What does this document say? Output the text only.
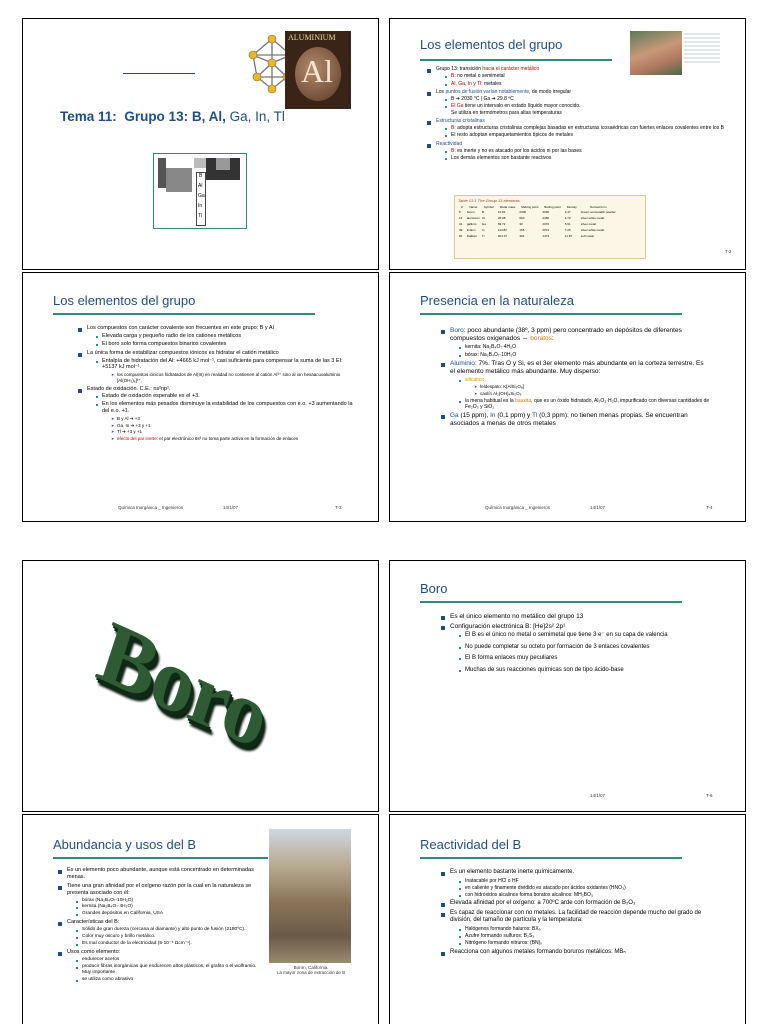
ALUMINIUM
Al
Tema 11: Grupo 13: B, Al, Ga, In, Tl
B
Al
Ga
In
Tl
Los elementos del grupo
Grupo 13: transición hacia el carácter metálico
B: no metal o semimetal
Al, Ga, In y Tl: metales
Los puntos de fusión varían notablemente, de modo irregular
B ➔ 2030 °C | Ga ➔ 29.8 ºC
El Ga tiene un intervalo en estado líquido mayor conocido.
Se utiliza en termómetros para altas temperaturas
Estructuras cristalinas
B: adopta estructuras cristalinas complejas basadas en estructuras icosaédricas con fuertes enlaces covalentes entre los B
El resto adoptan empaquetamientos típicos de metales
Reactividad
B: es inerte y no es atacado por los ácidos ni por las bases
Los demás elementos son bastante reactivos
Table 13.1 The Group 13 elements
Z	Name	Symbol	Molar mass	Melting point	Boiling point	Density	Normal form
5	boron	B	10.81	2300	3930	2.47	brown nonmetallic powder
13	aluminum	Al	26.98	660	2350	2.70	silver-white metal
31	gallium	Ga	69.72	30	2070	5.91	silver metal
49	indium	In	114.82	156	2074	7.29	silver-white metal
81	thallium	Tl	204.37	304	1473	11.87	soft metal
T-2
Los elementos del grupo
Los compuestos con carácter covalente son frecuentes en este grupo: B y Al
Elevada carga y pequeño radio de los cationes metálicos
El boro solo forma compuestos binarios covalentes
La única forma de estabilizar compuestos iónicos es hidratar el catión metálico
Entalpía de hidratación del Al: +4665 kJ mol⁻¹, casi suficiente para compensar la suma de las 3 EI: +5137 kJ mol⁻¹.
➤ los compuestos iónicos hidratados de Al(III) en realidad no contienen al catión Al³⁺ sino al ion hexaacuoaluminio [Al(OH₂)₆]³⁺.
Estado de oxidación. C.E.: ns²np¹.
Estado de oxidación esperable es el +3.
En los elementos más pesados disminuye la estabilidad de los compuestos con e.o. +3 aumentando la del e.o. +1.
➤ B y Al ➔ +3
➤ Ga, In ➔ +3 y +1
➤ Tl ➔ +3 y +1
➤ efecto del par inerte: el par electrónico 6s² no toma parte activa en la formación de enlaces
Química Inorgánica _ Ingenieros	14/1/07	T-3
Presencia en la naturaleza
Boro: poco abundante (38º, 3 ppm) pero concentrado en depósitos de diferentes compuestos oxigenados ⇔ boratos:
kernita: Na₂B₄O₇·4H₂O
bórax: Na₂B₄O₇·10H₂O
Aluminio: 7%. Tras O y Si, es el 3er elemento más abundante en la corteza terrestre. Es el elemento metálico más abundante. Muy disperso:
silicatos:
➤ feldespato: K[AlSi₃O₈]
➤ caolín Al₂(OH)₄Si₂O₅
la mena habitual es la bauxita, que es un óxido hidratado, Al₂O₃·H₂O, impurificado con diversas cantidades de Fe₂O₃ y SiO₂
Ga (15 ppm), In (0,1 ppm) y Tl (0,3 ppm): no tienen menas propias. Se encuentran asociados a menas de otros metales
Química Inorgánica _ Ingenieros	14/1/07	T-4
Boro
Boro
Es el único elemento no metálico del grupo 13
Configuración electrónica B: [He]2s² 2p¹
El B es el único no metal o semimetal que tiene 3 e⁻ en su capa de valencia
No puede completar su octeto por formación de 3 enlaces covalentes
El B forma enlaces muy peculiares
Muchas de sus reacciones químicas son de tipo ácido-base
14/1/07	T-6
Abundancia y usos del B
Boron, California.
La mayor zona de extracción de B
Es un elemento poco abundante, aunque está concentrado en determinadas menas.
Tiene una gran afinidad por el oxígeno razón por la cual en la naturaleza se presenta asociado con él:
bórax (Na₂B₄O₇·10H₂O)
kernita (Na₂B₄O₇·4H₂O)
Grandes depósitos en California, USA
Características del B:
Sólido de gran dureza (cercana al diamante) y alto punto de fusión (2180ºC).
Color muy oscuro y brillo metálico.
Es mal conductor de la electricidad (5·10⁻⁵ Ωcm⁻¹).
Usos como elemento:
endurecer aceros
producir fibras inorgánicas que endurecen altos plásticos, el grafito o el wolframio. Muy importante
se utiliza como abrasivo
Reactividad del B
Es un elemento bastante inerte químicamente.
Inatacable por HCl o HF
en caliente y finamente dividido es atacado por ácidos oxidantes (HNO₃)
con hidróxidos alcalinos forma boratos alcalinos: MH₂BO₃
Elevada afinidad por el oxígeno: a 700ºC arde con formación de B₂O₃
Es capaz de reaccionar con no metales. La facilidad de reacción depende mucho del grado de división, del tamaño de partícula y la temperatura:
Halógenos formando haluros: BX₃
Azufre formando sulfuros: B₂S₃
Nitrógeno formando nitruros: (BN)ₓ
Reacciona con algunos metales formando boruros metálicos: MBₙ
